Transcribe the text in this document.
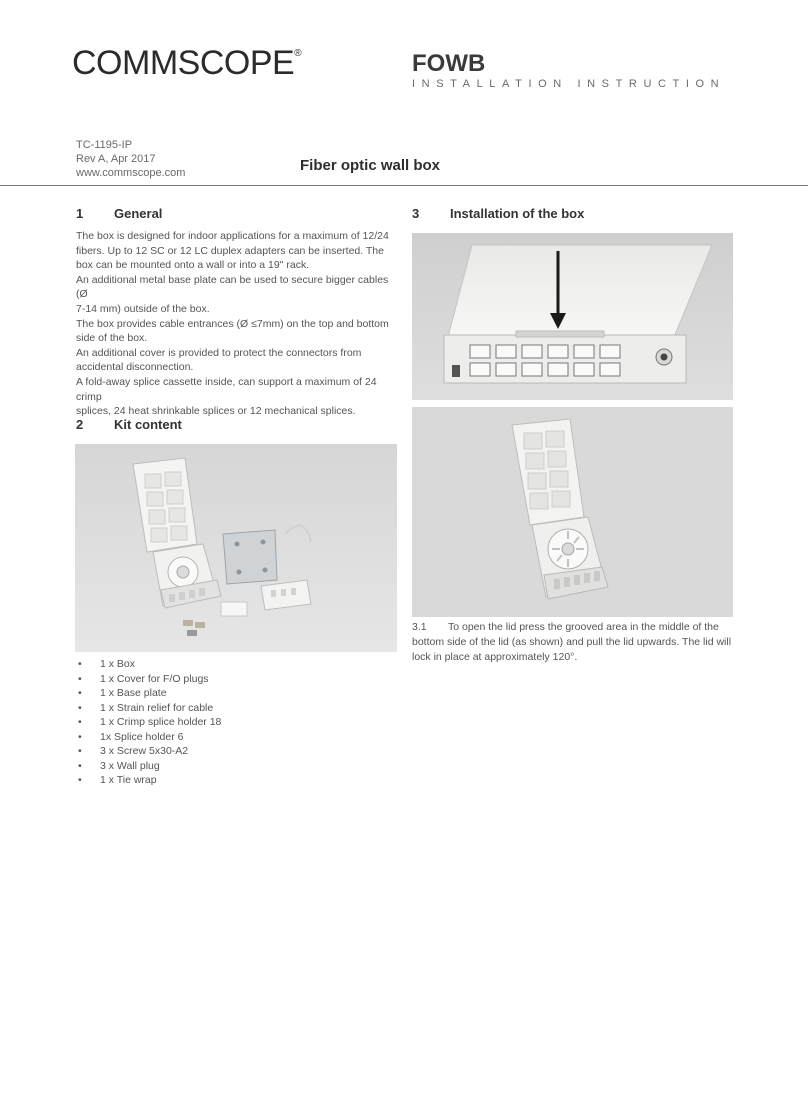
COMMSCOPE®	FOWB
INSTALLATION INSTRUCTION
TC-1195-IP
Rev A, Apr 2017
www.commscope.com	Fiber optic wall box
1 General
The box is designed for indoor applications for a maximum of 12/24
fibers. Up to 12 SC or 12 LC duplex adapters can be inserted. The
box can be mounted onto a wall or into a 19" rack.
An additional metal base plate can be used to secure bigger cables (Ø
7-14 mm) outside of the box.
The box provides cable entrances (Ø ≤7mm) on the top and bottom
side of the box.
An additional cover is provided to protect the connectors from
accidental disconnection.
A fold-away splice cassette inside, can support a maximum of 24 crimp
splices, 24 heat shrinkable splices or 12 mechanical splices.
2 Kit content
• 1 x Box
• 1 x Cover for F/O plugs
• 1 x Base plate
• 1 x Strain relief for cable
• 1 x Crimp splice holder 18
• 1x Splice holder 6
• 3 x Screw 5x30-A2
• 3 x Wall plug
• 1 x Tie wrap
3 Installation of the box
3.1 To open the lid press the grooved area in the middle of the
bottom side of the lid (as shown) and pull the lid upwards. The lid will
lock in place at approximately 120°.
